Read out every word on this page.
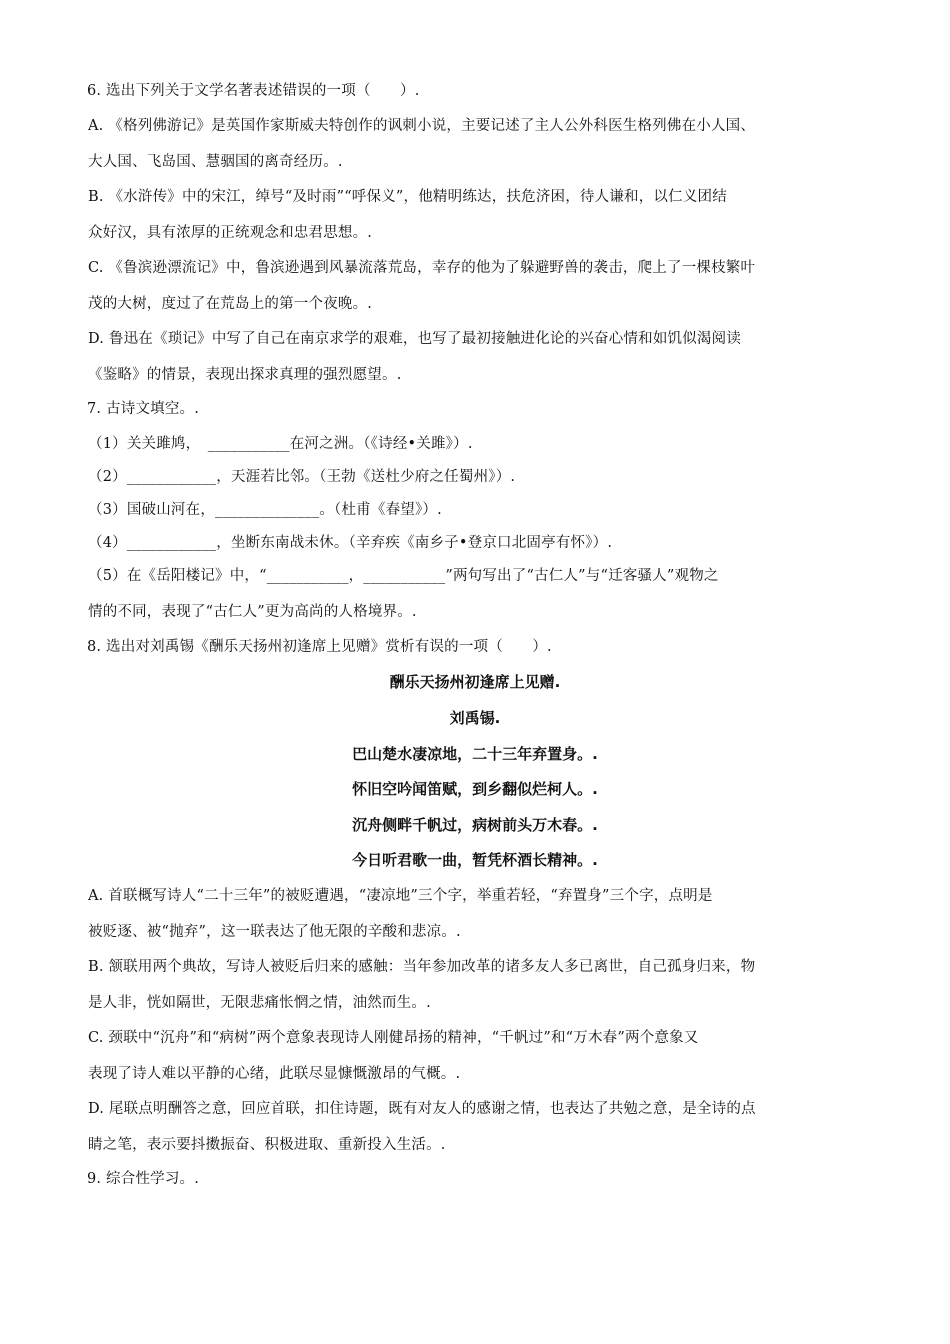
6. 选出下列关于文学名著表述错误的一项（　　）.
A. 《格列佛游记》是英国作家斯威夫特创作的讽刺小说，主要记述了主人公外科医生格列佛在小人国、
大人国、飞岛国、慧骃国的离奇经历。.
B. 《水浒传》中的宋江，绰号“及时雨”“呼保义”，他精明练达，扶危济困，待人谦和，以仁义团结
众好汉，具有浓厚的正统观念和忠君思想。.
C. 《鲁滨逊漂流记》中，鲁滨逊遇到风暴流落荒岛，幸存的他为了躲避野兽的袭击，爬上了一棵枝繁叶
茂的大树，度过了在荒岛上的第一个夜晚。.
D. 鲁迅在《琐记》中写了自己在南京求学的艰难，也写了最初接触进化论的兴奋心情和如饥似渴阅读
《鉴略》的情景，表现出探求真理的强烈愿望。.
7. 古诗文填空。.
（1）关关雎鸠，　___________在河之洲。（《诗经•关雎》）.
（2）____________，天涯若比邻。（王勃《送杜少府之任蜀州》）.
（3）国破山河在，______________。（杜甫《春望》）.
（4）____________，坐断东南战未休。（辛弃疾《南乡子•登京口北固亭有怀》）.
（5）在《岳阳楼记》中，“___________，___________”两句写出了“古仁人”与“迁客骚人”观物之
情的不同，表现了“古仁人”更为高尚的人格境界。.
8. 选出对刘禹锡《酬乐天扬州初逢席上见赠》赏析有误的一项（　　）.
酬乐天扬州初逢席上见赠.
刘禹锡.
巴山楚水凄凉地，二十三年弃置身。.
怀旧空吟闻笛赋，到乡翻似烂柯人。.
沉舟侧畔千帆过，病树前头万木春。.
今日听君歌一曲，暂凭杯酒长精神。.
A. 首联概写诗人“二十三年”的被贬遭遇，“凄凉地”三个字，举重若轻，“弃置身”三个字，点明是
被贬逐、被“抛弃”，这一联表达了他无限的辛酸和悲凉。.
B. 颔联用两个典故，写诗人被贬后归来的感触：当年参加改革的诸多友人多已离世，自己孤身归来，物
是人非，恍如隔世，无限悲痛怅惘之情，油然而生。.
C. 颈联中“沉舟”和“病树”两个意象表现诗人刚健昂扬的精神，“千帆过”和“万木春”两个意象又
表现了诗人难以平静的心绪，此联尽显慷慨激昂的气概。.
D. 尾联点明酬答之意，回应首联，扣住诗题，既有对友人的感谢之情，也表达了共勉之意，是全诗的点
睛之笔，表示要抖擞振奋、积极进取、重新投入生活。.
9. 综合性学习。.
